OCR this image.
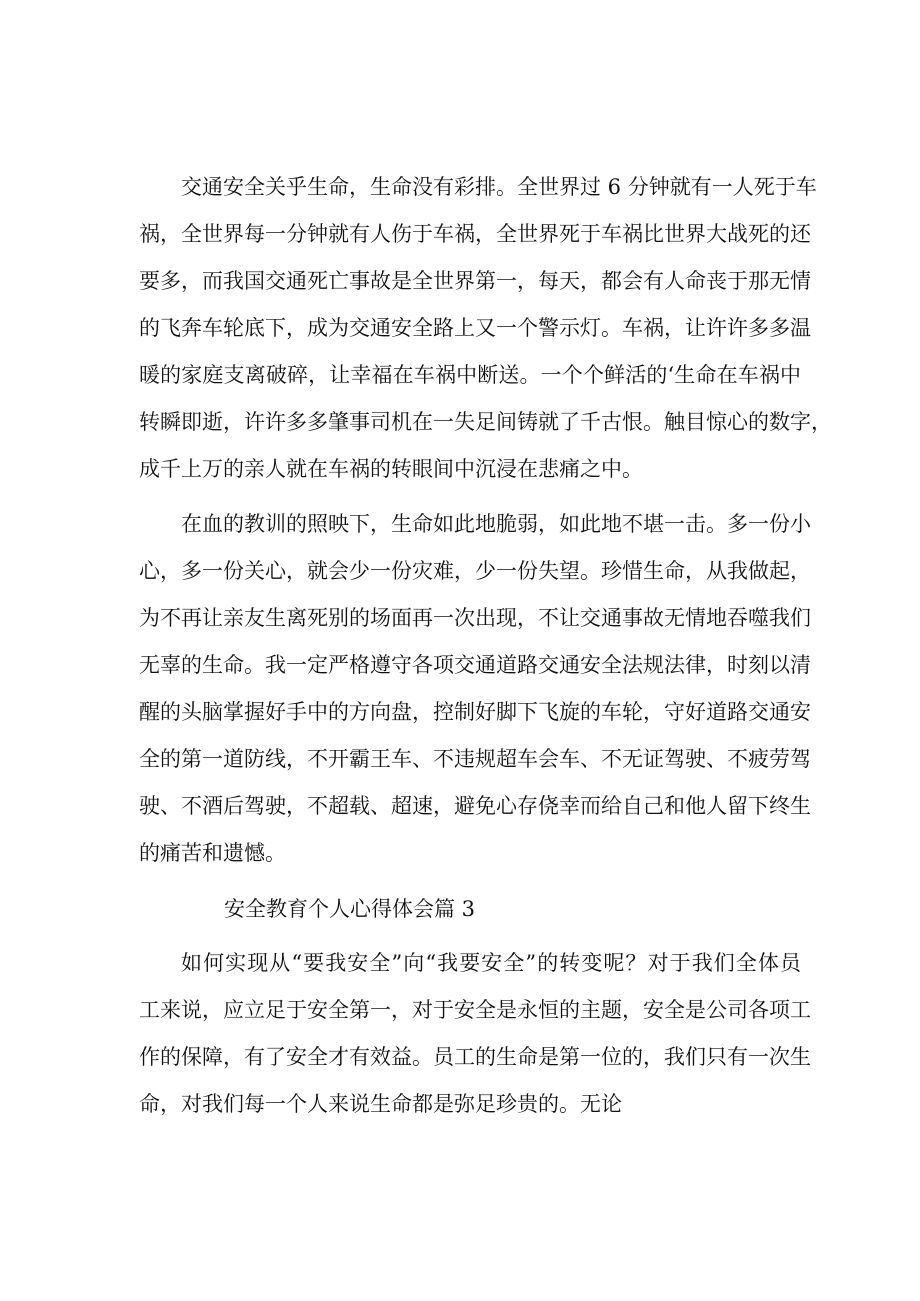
交通安全关乎生命，生命没有彩排。全世界过 6 分钟就有一人死于车
祸，全世界每一分钟就有人伤于车祸，全世界死于车祸比世界大战死的还
要多，而我国交通死亡事故是全世界第一，每天，都会有人命丧于那无情
的飞奔车轮底下，成为交通安全路上又一个警示灯。车祸，让许许多多温
暖的家庭支离破碎，让幸福在车祸中断送。一个个鲜活的‘生命在车祸中
转瞬即逝，许许多多肇事司机在一失足间铸就了千古恨。触目惊心的数字，
成千上万的亲人就在车祸的转眼间中沉浸在悲痛之中。
在血的教训的照映下，生命如此地脆弱，如此地不堪一击。多一份小
心，多一份关心，就会少一份灾难，少一份失望。珍惜生命，从我做起，
为不再让亲友生离死别的场面再一次出现，不让交通事故无情地吞噬我们
无辜的生命。我一定严格遵守各项交通道路交通安全法规法律，时刻以清
醒的头脑掌握好手中的方向盘，控制好脚下飞旋的车轮，守好道路交通安
全的第一道防线，不开霸王车、不违规超车会车、不无证驾驶、不疲劳驾
驶、不酒后驾驶，不超载、超速，避免心存侥幸而给自己和他人留下终生
的痛苦和遗憾。
安全教育个人心得体会篇 3
如何实现从“要我安全”向“我要安全”的转变呢？对于我们全体员
工来说，应立足于安全第一，对于安全是永恒的主题，安全是公司各项工
作的保障，有了安全才有效益。员工的生命是第一位的，我们只有一次生
命，对我们每一个人来说生命都是弥足珍贵的。无论
